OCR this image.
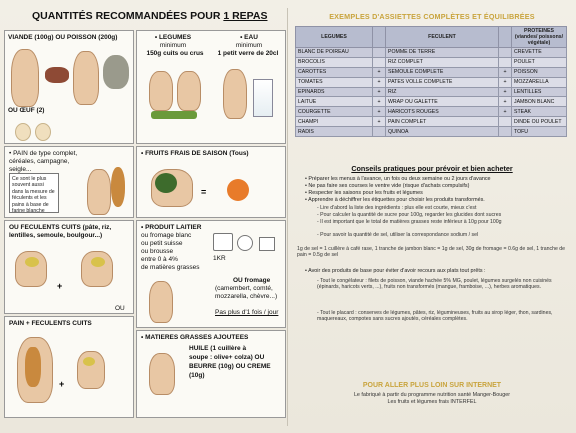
QUANTITÉS RECOMMANDÉES POUR 1 REPAS
VIANDE (100g) OU POISSON (200g)
OU ŒUF (2)
• LEGUMES
minimum
150g cuits ou crus
• EAU
minimum
1 petit verre de 20cl
• PAIN de type complet, céréales, campagne, seigle...
Ce sont le plus souvent aussi dans la mesure de féculents et les pains à base de farine blanche
• FRUITS FRAIS DE SAISON (Tous)
=
OU FECULENTS CUITS (pâte, riz, lentilles, semoule, boulgour...)
+
OU
• PRODUIT LAITIER
ou fromage blanc
ou petit suisse
ou brousse
entre 0 à 4%
de matières grasses
1KR
OU fromage
(camembert, comté, mozzarella, chèvre...)
Pas plus d'1 fois / jour
PAIN + FECULENTS CUITS
+
• MATIERES GRASSES AJOUTEES
HUILE (1 cuillère à
soupe : olive+ colza) OU
BEURRE (10g) OU CREME
(10g)
EXEMPLES D'ASSIETTES COMPLÈTES ET ÉQUILIBRÉES
LEGUMES		FECULENT		PROTEINES (viandes/ poissons/ végétale)
BLANC DE POIREAU		POMME DE TERRE		CREVETTE
BROCOLIS		RIZ COMPLET		POULET
CAROTTES	+	SEMOULE COMPLETE	+	POISSON
TOMATES	+	PATES VOLLE COMPLETE	+	MOZZARELLA
EPINARDS	+	RIZ	+	LENTILLES
LAITUE	+	WRAP OU GALETTE	+	JAMBON BLANC
COURGETTE	+	HARICOTS ROUGES	+	STEAK
CHAMPI	+	PAIN COMPLET		DINDE OU POULET
RADIS		QUINOA		TOFU
Conseils pratiques pour prévoir et bien acheter
• Préparer les menus à l'avance, un fois ou deux semaine ou 2 jours d'avance
• Ne pas faire ses courses le ventre vide (risque d'achats compulsifs)
• Respecter les saisons pour les fruits et légumes
• Apprendre à déchiffrer les étiquettes pour choisir les produits transformés.
- Lire d'abord la liste des ingrédients : plus elle est courte, mieux c'est
- Pour calculer la quantité de sucre pour 100g, regarder les glucides dont sucres
- Il est important que le total de matières grasses reste inférieur à 10g pour 100g
- Pour savoir la quantité de sel, utiliser la correspondance sodium / sel
1g de sel = 1 cuillère à café rase, 1 tranche de jambon blanc = 1g de sel, 30g de fromage = 0.6g de sel, 1 tranche de pain = 0.5g de sel
• Avoir des produits de base pour éviter d'avoir recours aux plats tout prêts :
- Tout le congélateur : filets de poisson, viande hachée 5% MG, poulet, légumes surgelés non cuisinés (épinards, haricots verts, ...), fruits non transformés (mangue, framboise, ...), herbes aromatiques.
- Tout le placard : conserves de légumes, pâtes, riz, légumineuses, fruits au sirop léger, thon, sardines, maquereaux, compotes sans sucres ajoutés, céréales complètes.
POUR ALLER PLUS LOIN SUR INTERNET
Le fabriqué à partir du programme nutrition santé Manger-Bouger
Les fruits et légumes frais INTERFEL
